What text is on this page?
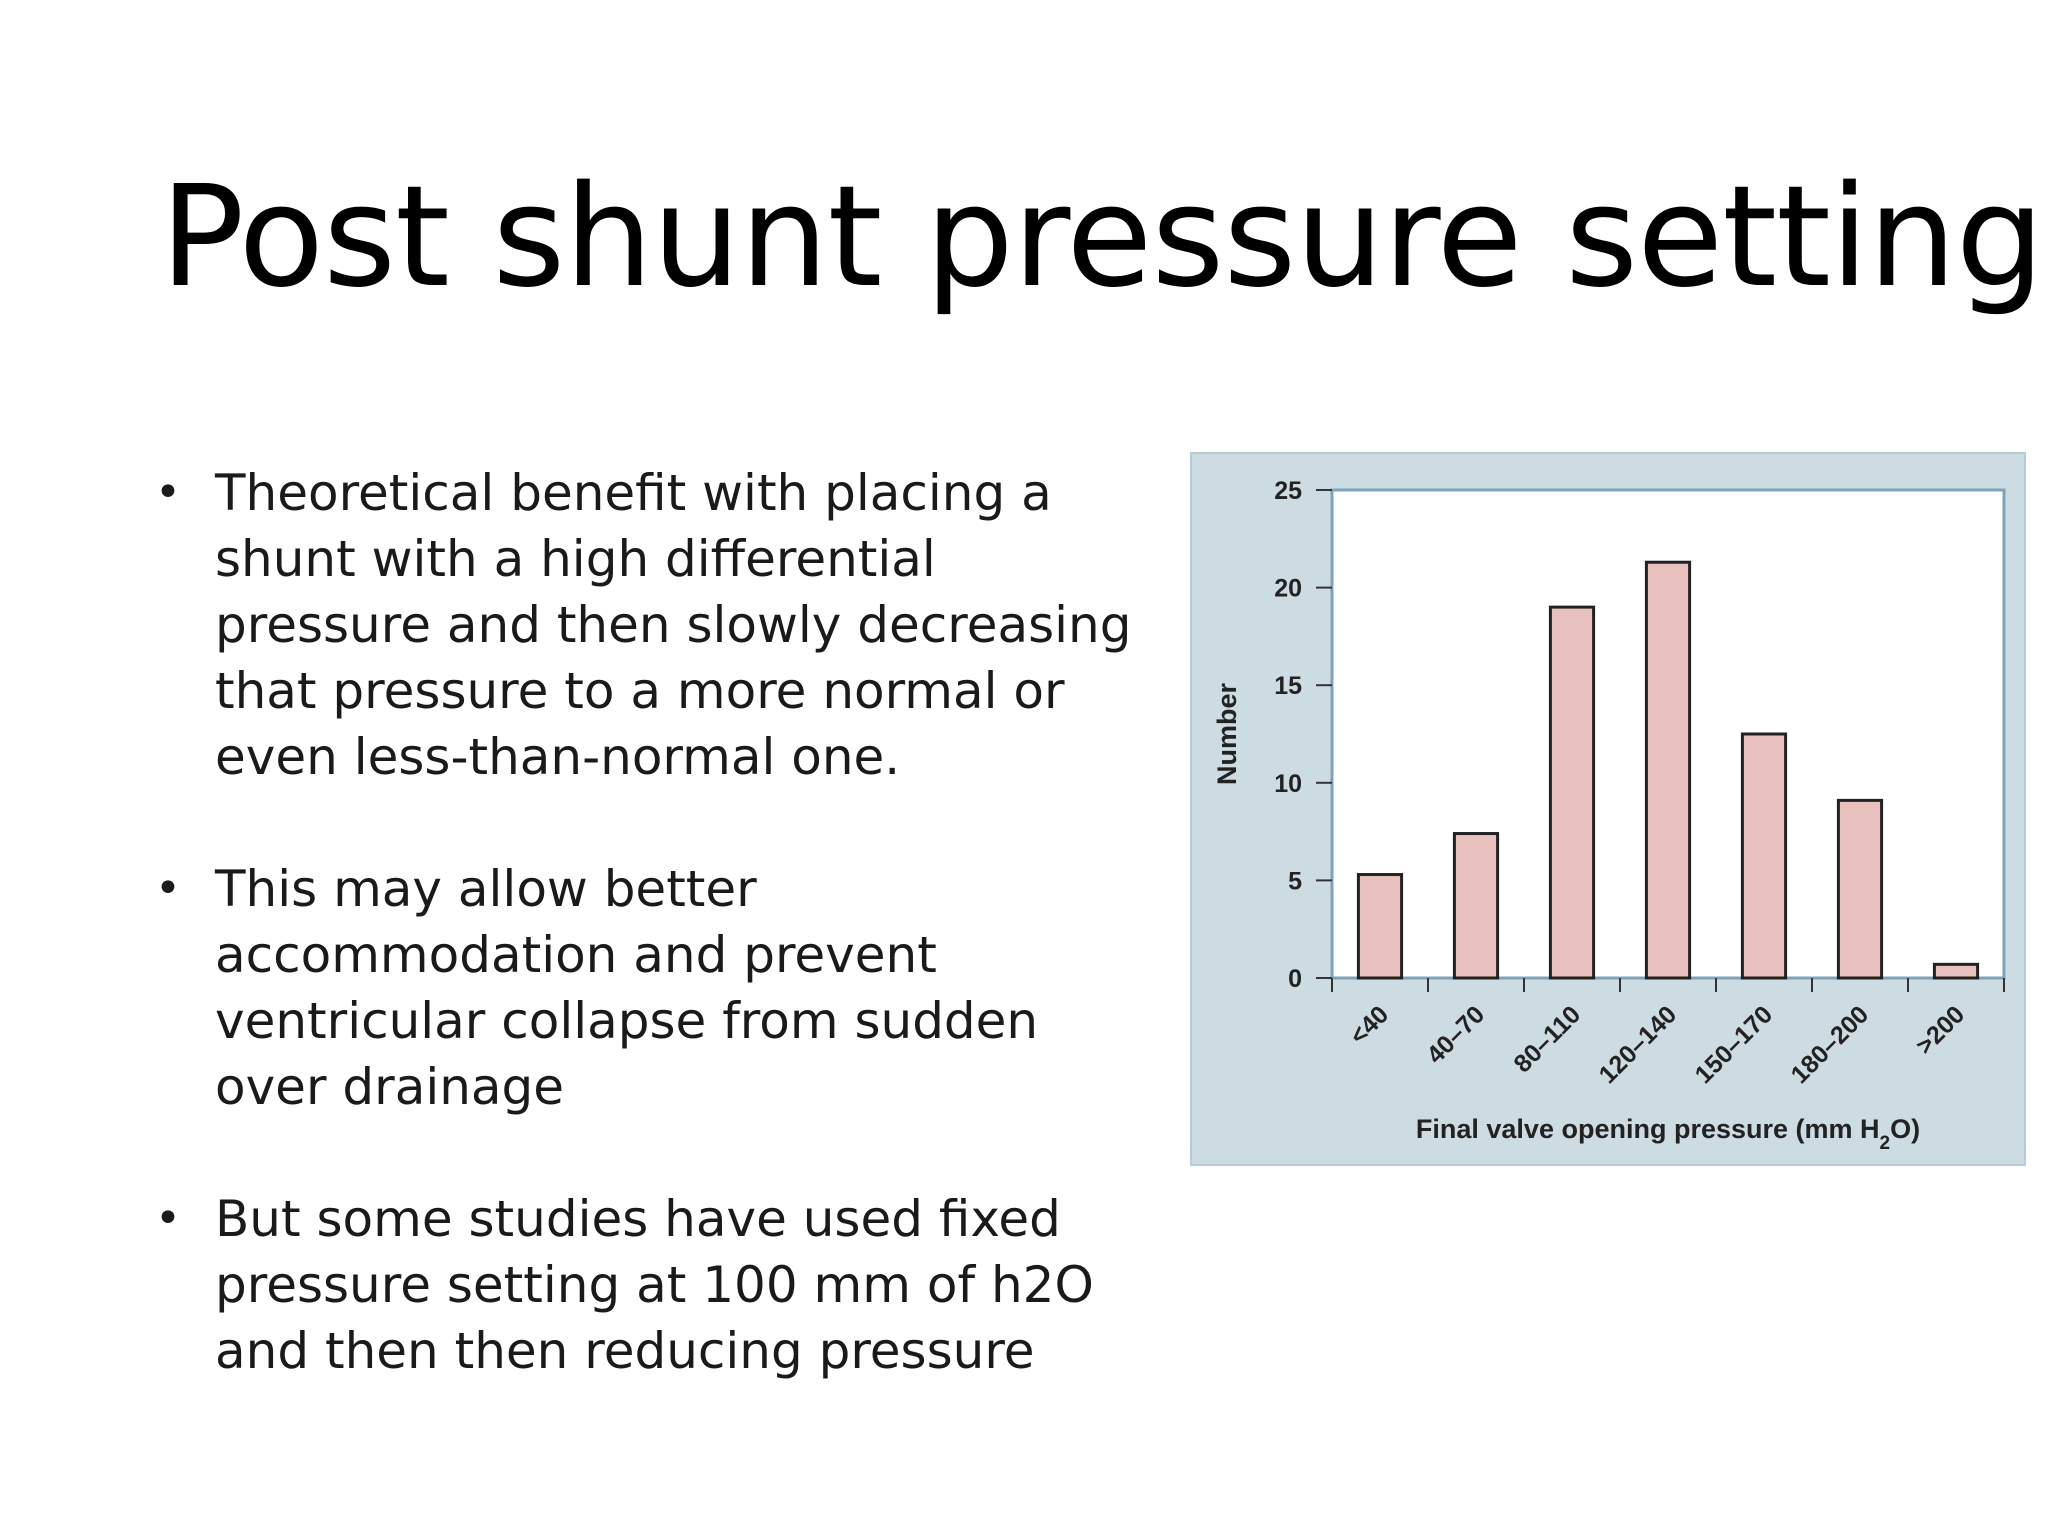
Post shunt pressure setting
• Theoretical benefit with placing a shunt with a high differential pressure and then slowly decreasing that pressure to a more normal or even less-than-normal one.
• This may allow better accommodation and prevent ventricular collapse from sudden over drainage
• But some studies have used fixed pressure setting at 100 mm of h2O and then then reducing pressure
0
5
10
15
20
25
<40 40–70 80–110 120–140 150–170 180–200 >200
Number
Final valve opening pressure (mm $H_2O$)
